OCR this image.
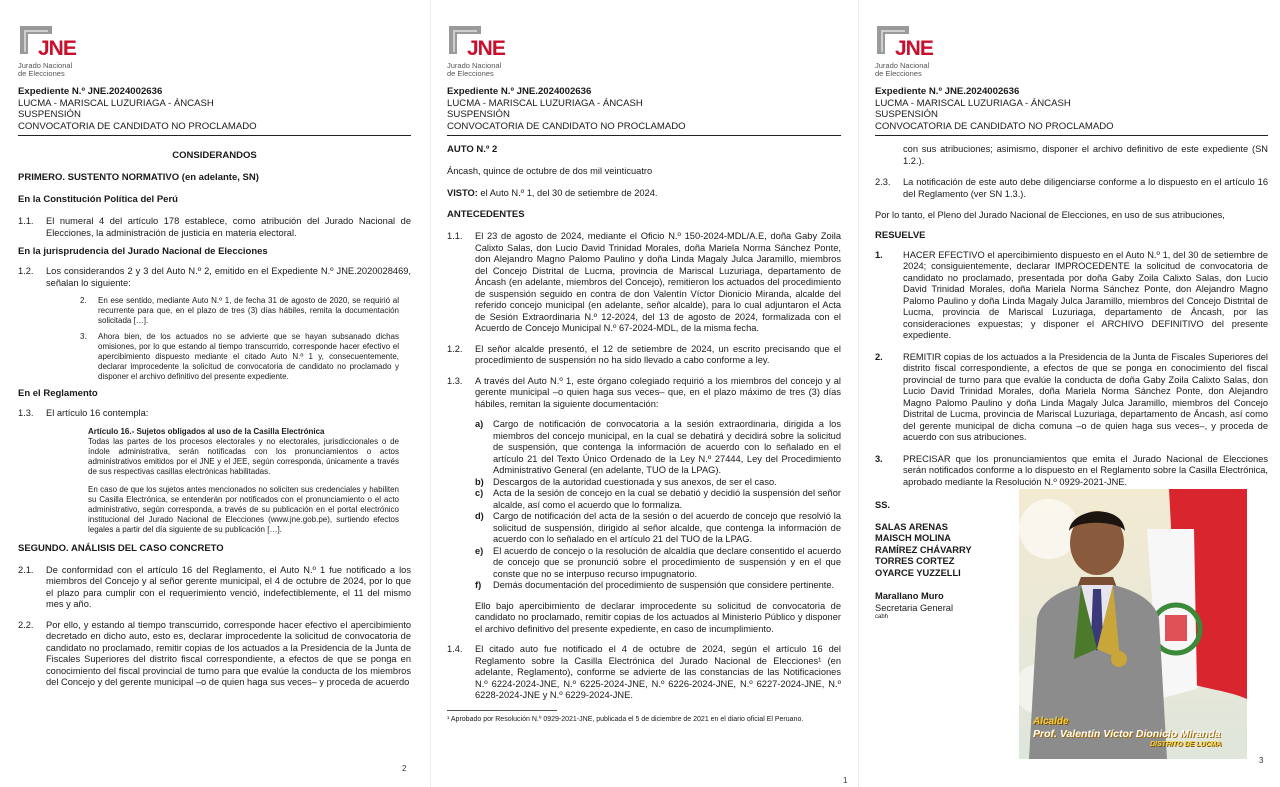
JNE
Jurado Nacional
de Elecciones
Expediente N.º JNE.2024002636
LUCMA - MARISCAL LUZURIAGA - ÁNCASH
SUSPENSIÓN
CONVOCATORIA DE CANDIDATO NO PROCLAMADO
CONSIDERANDOS
PRIMERO. SUSTENTO NORMATIVO (en adelante, SN)
En la Constitución Política del Perú
1.1.	El numeral 4 del artículo 178 establece, como atribución del Jurado Nacional de Elecciones, la administración de justicia en materia electoral.
En la jurisprudencia del Jurado Nacional de Elecciones
1.2.	Los considerandos 2 y 3 del Auto N.º 2, emitido en el Expediente N.º JNE.2020028469, señalan lo siguiente:
2.	En ese sentido, mediante Auto N.º 1, de fecha 31 de agosto de 2020, se requirió al recurrente para que, en el plazo de tres (3) días hábiles, remita la documentación solicitada […].
3.	Ahora bien, de los actuados no se advierte que se hayan subsanado dichas omisiones, por lo que estando al tiempo transcurrido, corresponde hacer efectivo el apercibimiento dispuesto mediante el citado Auto N.º 1 y, consecuentemente, declarar improcedente la solicitud de convocatoria de candidato no proclamado y disponer el archivo definitivo del presente expediente.
En el Reglamento
1.3.	El artículo 16 contempla:
Artículo 16.- Sujetos obligados al uso de la Casilla Electrónica
Todas las partes de los procesos electorales y no electorales, jurisdiccionales o de índole administrativa, serán notificadas con los pronunciamientos o actos administrativos emitidos por el JNE y el JEE, según corresponda, únicamente a través de sus respectivas casillas electrónicas habilitadas.
En caso de que los sujetos antes mencionados no soliciten sus credenciales y habiliten su Casilla Electrónica, se entenderán por notificados con el pronunciamiento o el acto administrativo, según corresponda, a través de su publicación en el portal electrónico institucional del Jurado Nacional de Elecciones (www.jne.gob.pe), surtiendo efectos legales a partir del día siguiente de su publicación […].
SEGUNDO. ANÁLISIS DEL CASO CONCRETO
2.1.	De conformidad con el artículo 16 del Reglamento, el Auto N.º 1 fue notificado a los miembros del Concejo y al señor gerente municipal, el 4 de octubre de 2024, por lo que el plazo para cumplir con el requerimiento venció, indefectiblemente, el 11 del mismo mes y año.
2.2.	Por ello, y estando al tiempo transcurrido, corresponde hacer efectivo el apercibimiento decretado en dicho auto, esto es, declarar improcedente la solicitud de convocatoria de candidato no proclamado, remitir copias de los actuados a la Presidencia de la Junta de Fiscales Superiores del distrito fiscal correspondiente, a efectos de que se ponga en conocimiento del fiscal provincial de turno para que evalúe la conducta de los miembros del Concejo y del gerente municipal –o de quien haga sus veces– y proceda de acuerdo
2
JNE
Jurado Nacional
de Elecciones
Expediente N.º JNE.2024002636
LUCMA - MARISCAL LUZURIAGA - ÁNCASH
SUSPENSIÓN
CONVOCATORIA DE CANDIDATO NO PROCLAMADO
AUTO N.º 2
Áncash, quince de octubre de dos mil veinticuatro
VISTO: el Auto N.º 1, del 30 de setiembre de 2024.
ANTECEDENTES
1.1.	El 23 de agosto de 2024, mediante el Oficio N.º 150-2024-MDL/A.E, doña Gaby Zoila Calixto Salas, don Lucio David Trinidad Morales, doña Mariela Norma Sánchez Ponte, don Alejandro Magno Palomo Paulino y doña Linda Magaly Julca Jaramillo, miembros del Concejo Distrital de Lucma, provincia de Mariscal Luzuriaga, departamento de Áncash (en adelante, miembros del Concejo), remitieron los actuados del procedimiento de suspensión seguido en contra de don Valentín Víctor Dionicio Miranda, alcalde del referido concejo municipal (en adelante, señor alcalde), para lo cual adjuntaron el Acta de Sesión Extraordinaria N.º 12-2024, del 13 de agosto de 2024, formalizada con el Acuerdo de Concejo Municipal N.º 67-2024-MDL, de la misma fecha.
1.2.	El señor alcalde presentó, el 12 de setiembre de 2024, un escrito precisando que el procedimiento de suspensión no ha sido llevado a cabo conforme a ley.
1.3.	A través del Auto N.º 1, este órgano colegiado requirió a los miembros del concejo y al gerente municipal –o quien haga sus veces– que, en el plazo máximo de tres (3) días hábiles, remitan la siguiente documentación:
a)	Cargo de notificación de convocatoria a la sesión extraordinaria, dirigida a los miembros del concejo municipal, en la cual se debatirá y decidirá sobre la solicitud de suspensión, que contenga la información de acuerdo con lo señalado en el artículo 21 del Texto Único Ordenado de la Ley N.º 27444, Ley del Procedimiento Administrativo General (en adelante, TUO de la LPAG).
b) Descargos de la autoridad cuestionada y sus anexos, de ser el caso.
c)	Acta de la sesión de concejo en la cual se debatió y decidió la suspensión del señor alcalde, así como el acuerdo que lo formaliza.
d) Cargo de notificación del acta de la sesión o del acuerdo de concejo que resolvió la solicitud de suspensión, dirigido al señor alcalde, que contenga la información de acuerdo con lo señalado en el artículo 21 del TUO de la LPAG.
e)	El acuerdo de concejo o la resolución de alcaldía que declare consentido el acuerdo de concejo que se pronunció sobre el procedimiento de suspensión y en el que conste que no se interpuso recurso impugnatorio.
f)	Demás documentación del procedimiento de suspensión que considere pertinente.
Ello bajo apercibimiento de declarar improcedente su solicitud de convocatoria de candidato no proclamado, remitir copias de los actuados al Ministerio Público y disponer el archivo definitivo del presente expediente, en caso de incumplimiento.
1.4.	El citado auto fue notificado el 4 de octubre de 2024, según el artículo 16 del Reglamento sobre la Casilla Electrónica del Jurado Nacional de Elecciones¹ (en adelante, Reglamento), conforme se advierte de las constancias de las Notificaciones N.º 6224-2024-JNE, N.º 6225-2024-JNE, N.º 6226-2024-JNE, N.º 6227-2024-JNE, N.º 6228-2024-JNE y N.º 6229-2024-JNE.
¹ Aprobado por Resolución N.º 0929-2021-JNE, publicada el 5 de diciembre de 2021 en el diario oficial El Peruano.
1
JNE
Jurado Nacional
de Elecciones
Expediente N.º JNE.2024002636
LUCMA - MARISCAL LUZURIAGA - ÁNCASH
SUSPENSIÓN
CONVOCATORIA DE CANDIDATO NO PROCLAMADO
con sus atribuciones; asimismo, disponer el archivo definitivo de este expediente (SN 1.2.).
2.3.	La notificación de este auto debe diligenciarse conforme a lo dispuesto en el artículo 16 del Reglamento (ver SN 1.3.).
Por lo tanto, el Pleno del Jurado Nacional de Elecciones, en uso de sus atribuciones,
RESUELVE
1.	HACER EFECTIVO el apercibimiento dispuesto en el Auto N.º 1, del 30 de setiembre de 2024; consiguientemente, declarar IMPROCEDENTE la solicitud de convocatoria de candidato no proclamado, presentada por doña Gaby Zoila Calixto Salas, don Lucio David Trinidad Morales, doña Mariela Norma Sánchez Ponte, don Alejandro Magno Palomo Paulino y doña Linda Magaly Julca Jaramillo, miembros del Concejo Distrital de Lucma, provincia de Mariscal Luzuriaga, departamento de Áncash, por las consideraciones expuestas; y disponer el ARCHIVO DEFINITIVO del presente expediente.
2.	REMITIR copias de los actuados a la Presidencia de la Junta de Fiscales Superiores del distrito fiscal correspondiente, a efectos de que se ponga en conocimiento del fiscal provincial de turno para que evalúe la conducta de doña Gaby Zoila Calixto Salas, don Lucio David Trinidad Morales, doña Mariela Norma Sánchez Ponte, don Alejandro Magno Palomo Paulino y doña Linda Magaly Julca Jaramillo, miembros del Concejo Distrital de Lucma, provincia de Mariscal Luzuriaga, departamento de Áncash, así como del gerente municipal de dicha comuna –o de quien haga sus veces–, y proceda de acuerdo con sus atribuciones.
3.	PRECISAR que los pronunciamientos que emita el Jurado Nacional de Elecciones serán notificados conforme a lo dispuesto en el Reglamento sobre la Casilla Electrónica, aprobado mediante la Resolución N.º 0929-2021-JNE.
SS.
SALAS ARENAS
MAISCH MOLINA
RAMÍREZ CHÁVARRY
TORRES CORTEZ
OYARCE YUZZELLI
Marallano Muro
Secretaria General
cabh
3
Alcalde
Prof. Valentín Víctor Dionicio Miranda
DISTRITO DE LUCMA
